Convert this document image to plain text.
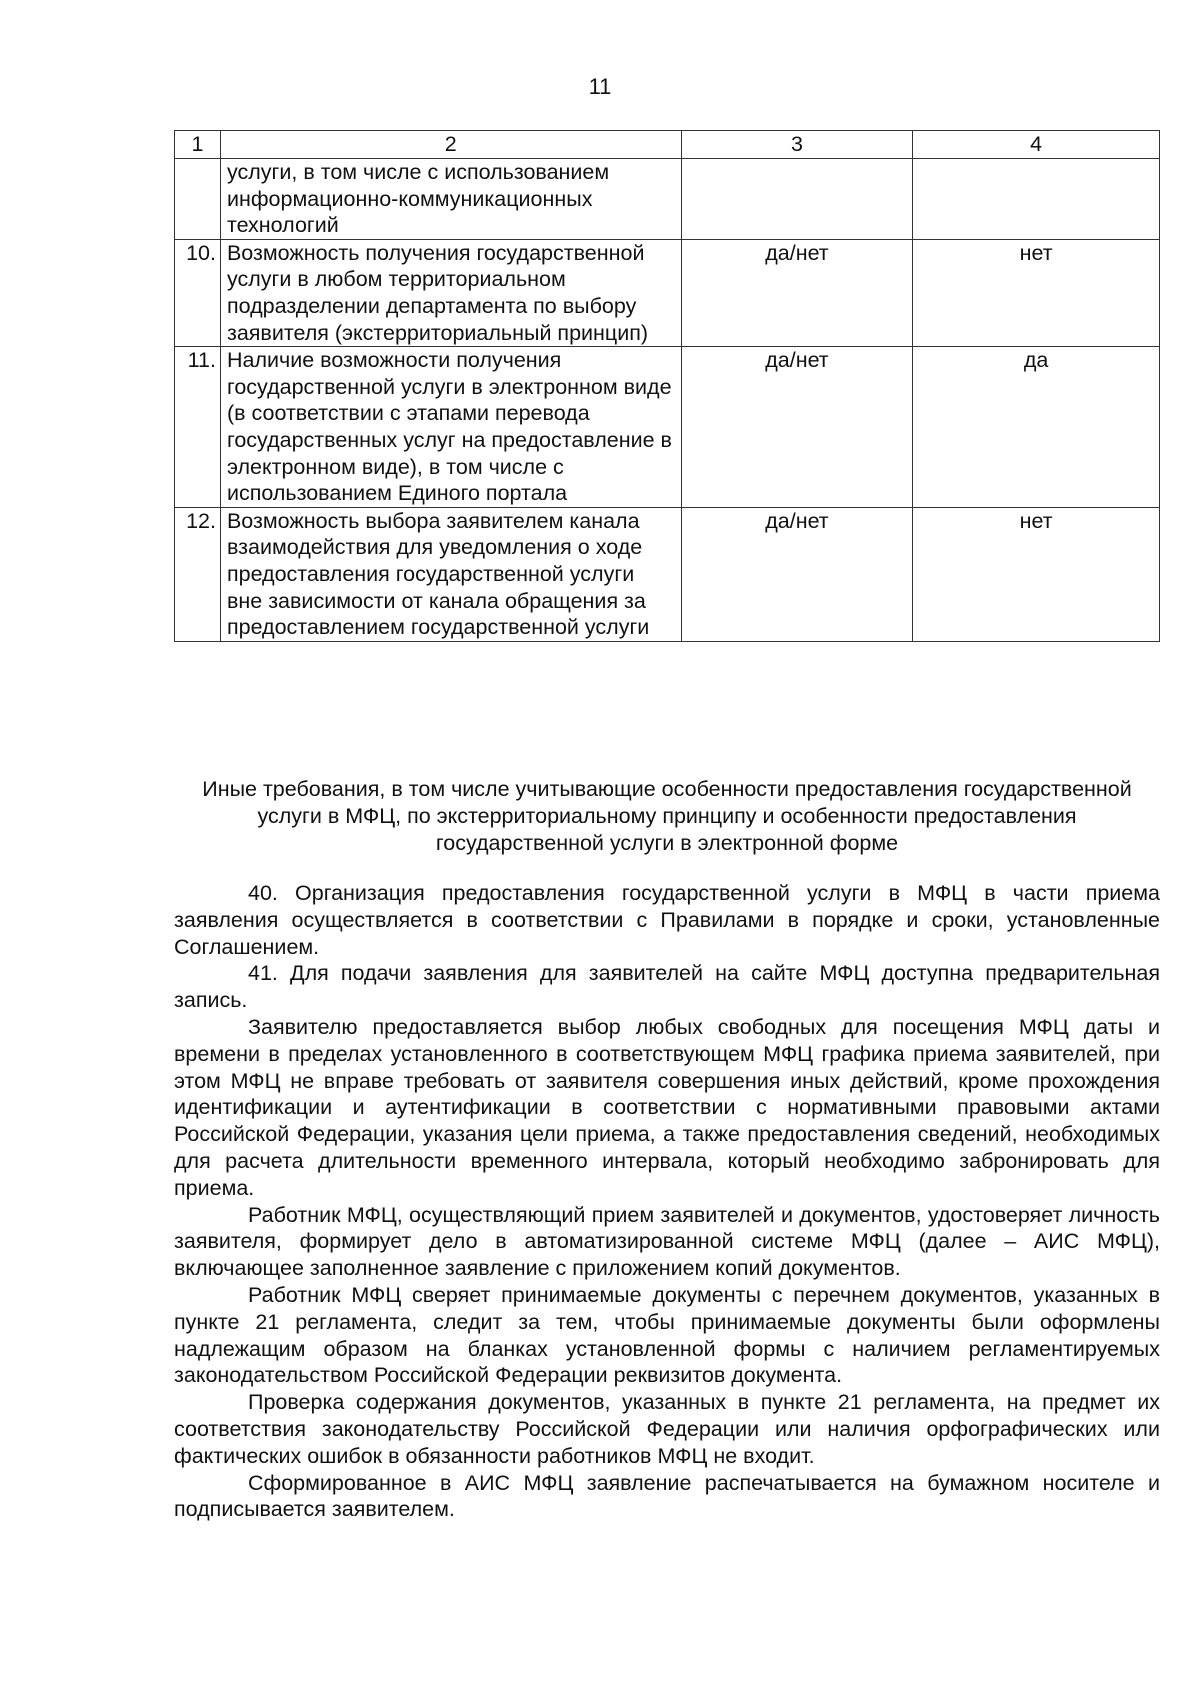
11
1	2	3	4
	услуги, в том числе с использованием информационно-коммуникационных технологий		
10.	Возможность получения государственной услуги в любом территориальном подразделении департамента по выбору заявителя (экстерриториальный принцип)	да/нет	нет
11.	Наличие возможности получения государственной услуги в электронном виде (в соответствии с этапами перевода государственных услуг на предоставление в электронном виде), в том числе с использованием Единого портала	да/нет	да
12.	Возможность выбора заявителем канала взаимодействия для уведомления о ходе предоставления государственной услуги вне зависимости от канала обращения за предоставлением государственной услуги	да/нет	нет
Иные требования, в том числе учитывающие особенности предоставления государственной услуги в МФЦ, по экстерриториальному принципу и особенности предоставления государственной услуги в электронной форме

40. Организация предоставления государственной услуги в МФЦ в части приема заявления осуществляется в соответствии с Правилами в порядке и сроки, установленные Соглашением.

41. Для подачи заявления для заявителей на сайте МФЦ доступна предварительная запись.

Заявителю предоставляется выбор любых свободных для посещения МФЦ даты и времени в пределах установленного в соответствующем МФЦ графика приема заявителей, при этом МФЦ не вправе требовать от заявителя совершения иных действий, кроме прохождения идентификации и аутентификации в соответствии с нормативными правовыми актами Российской Федерации, указания цели приема, а также предоставления сведений, необходимых для расчета длительности временного интервала, который необходимо забронировать для приема.

Работник МФЦ, осуществляющий прием заявителей и документов, удостоверяет личность заявителя, формирует дело в автоматизированной системе МФЦ (далее – АИС МФЦ), включающее заполненное заявление с приложением копий документов.

Работник МФЦ сверяет принимаемые документы с перечнем документов, указанных в пункте 21 регламента, следит за тем, чтобы принимаемые документы были оформлены надлежащим образом на бланках установленной формы с наличием регламентируемых законодательством Российской Федерации реквизитов документа.

Проверка содержания документов, указанных в пункте 21 регламента, на предмет их соответствия законодательству Российской Федерации или наличия орфографических или фактических ошибок в обязанности работников МФЦ не входит.

Сформированное в АИС МФЦ заявление распечатывается на бумажном носителе и подписывается заявителем.
